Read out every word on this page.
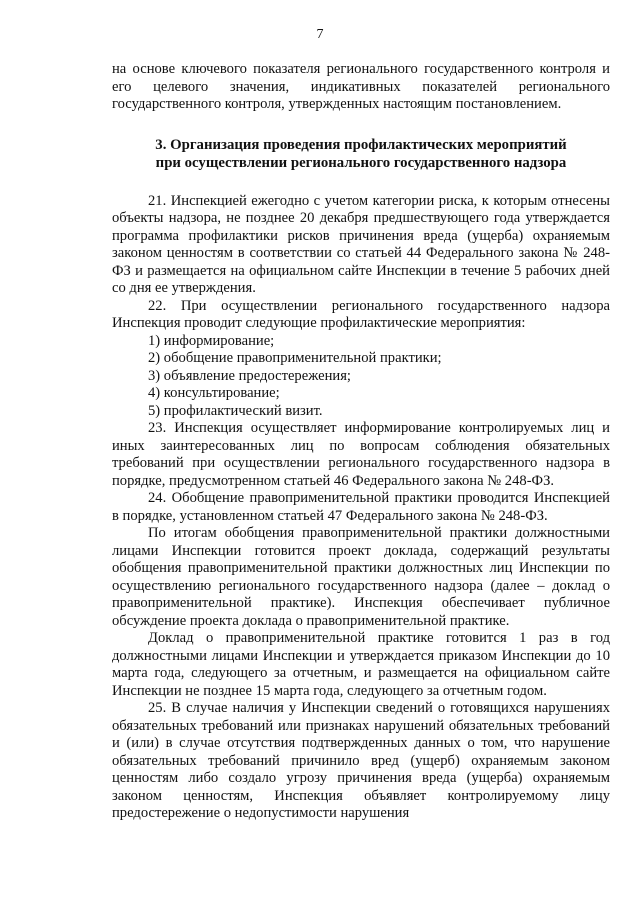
7

на основе ключевого показателя регионального государственного контроля и его целевого значения, индикативных показателей регионального государственного контроля, утвержденных настоящим постановлением.

3. Организация проведения профилактических мероприятий
при осуществлении регионального государственного надзора

21. Инспекцией ежегодно с учетом категории риска, к которым отнесены объекты надзора, не позднее 20 декабря предшествующего года утверждается программа профилактики рисков причинения вреда (ущерба) охраняемым законом ценностям в соответствии со статьей 44 Федерального закона № 248-ФЗ и размещается на официальном сайте Инспекции в течение 5 рабочих дней со дня ее утверждения.

22. При осуществлении регионального государственного надзора Инспекция проводит следующие профилактические мероприятия:

1) информирование;

2) обобщение правоприменительной практики;

3) объявление предостережения;

4) консультирование;

5) профилактический визит.

23. Инспекция осуществляет информирование контролируемых лиц и иных заинтересованных лиц по вопросам соблюдения обязательных требований при осуществлении регионального государственного надзора в порядке, предусмотренном статьей 46 Федерального закона № 248-ФЗ.

24. Обобщение правоприменительной практики проводится Инспекцией в порядке, установленном статьей 47 Федерального закона № 248-ФЗ.

По итогам обобщения правоприменительной практики должностными лицами Инспекции готовится проект доклада, содержащий результаты обобщения правоприменительной практики должностных лиц Инспекции по осуществлению регионального государственного надзора (далее – доклад о правоприменительной практике). Инспекция обеспечивает публичное обсуждение проекта доклада о правоприменительной практике.

Доклад о правоприменительной практике готовится 1 раз в год должностными лицами Инспекции и утверждается приказом Инспекции до 10 марта года, следующего за отчетным, и размещается на официальном сайте Инспекции не позднее 15 марта года, следующего за отчетным годом.

25. В случае наличия у Инспекции сведений о готовящихся нарушениях обязательных требований или признаках нарушений обязательных требований и (или) в случае отсутствия подтвержденных данных о том, что нарушение обязательных требований причинило вред (ущерб) охраняемым законом ценностям либо создало угрозу причинения вреда (ущерба) охраняемым законом ценностям, Инспекция объявляет контролируемому лицу предостережение о недопустимости нарушения
